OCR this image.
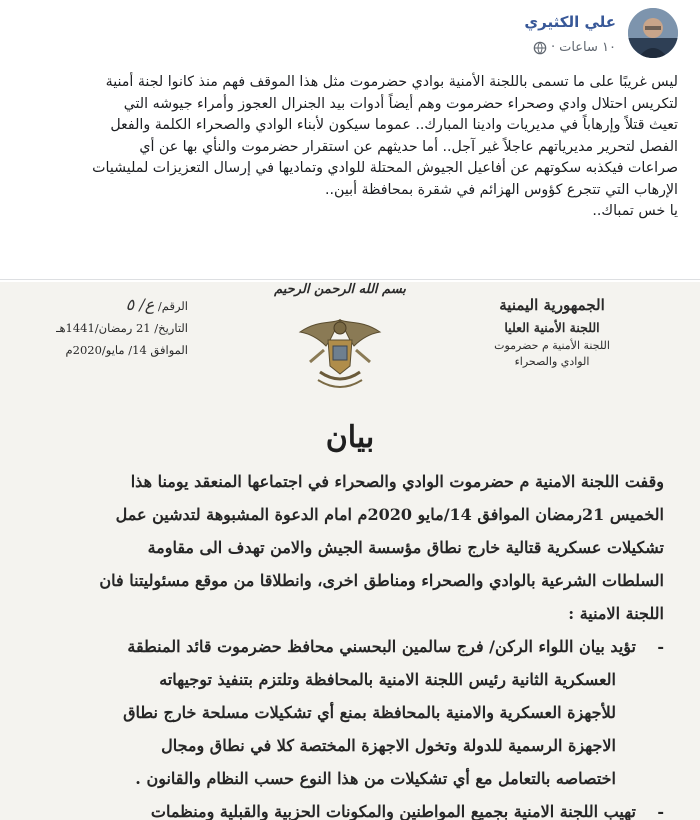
علي الكثيري
١٠ ساعات
·
ليس غريبًا على ما تسمى باللجنة الأمنية بوادي حضرموت مثل هذا الموقف فهم منذ كانوا لجنة أمنية
لتكريس احتلال وادي وصحراء حضرموت وهم أيضاً أدوات بيد الجنرال العجوز وأمراء جيوشه التي
تعيث قتلاً وإرهاباً في مديريات وادينا المبارك.. عموما سيكون لأبناء الوادي والصحراء الكلمة والفعل
الفصل لتحرير مديرياتهم عاجلاً غير آجل.. أما حديثهم عن استقرار حضرموت والنأي بها عن أي
صراعات فيكذبه سكوتهم عن أفاعيل الجيوش المحتلة للوادي وتماديها في إرسال التعزيزات لمليشيات
الإرهاب التي تتجرع كؤوس الهزائم في شقرة بمحافظة أبين..
يا خس تمباك..
بسم الله الرحمن الرحيم
الجمهورية اليمنية
اللجنة الأمنية العليا
اللجنة الأمنية م حضرموت
الوادي والصحراء
الرقم/ ع/ ٥
التاريخ/ 21 رمضان/1441هـ
الموافق 14/ مايو/2020م
بيان
وقفت اللجنة الامنية م حضرموت الوادي والصحراء في اجتماعها المنعقد يومنا هذا
الخميس 21رمضان الموافق 14/مايو 2020م امام الدعوة المشبوهة لتدشين عمل
تشكيلات عسكرية قتالية خارج نطاق مؤسسة الجيش والامن تهدف الى مقاومة
السلطات الشرعية بالوادي والصحراء ومناطق اخرى، وانطلاقا من موقع مسئوليتنا فان
اللجنة الامنية :
-
تؤيد بيان اللواء الركن/ فرج سالمين البحسني محافظ حضرموت قائد المنطقة
العسكرية الثانية رئيس اللجنة الامنية بالمحافظة وتلتزم بتنفيذ توجيهاته
للأجهزة العسكرية والامنية بالمحافظة بمنع أي تشكيلات مسلحة خارج نطاق
الاجهزة الرسمية للدولة وتخول الاجهزة المختصة كلا في نطاق ومجال
اختصاصه بالتعامل مع أي تشكيلات من هذا النوع حسب النظام والقانون .
-
تهيب اللجنة الامنية بجميع المواطنين والمكونات الحزبية والقبلية ومنظمات
